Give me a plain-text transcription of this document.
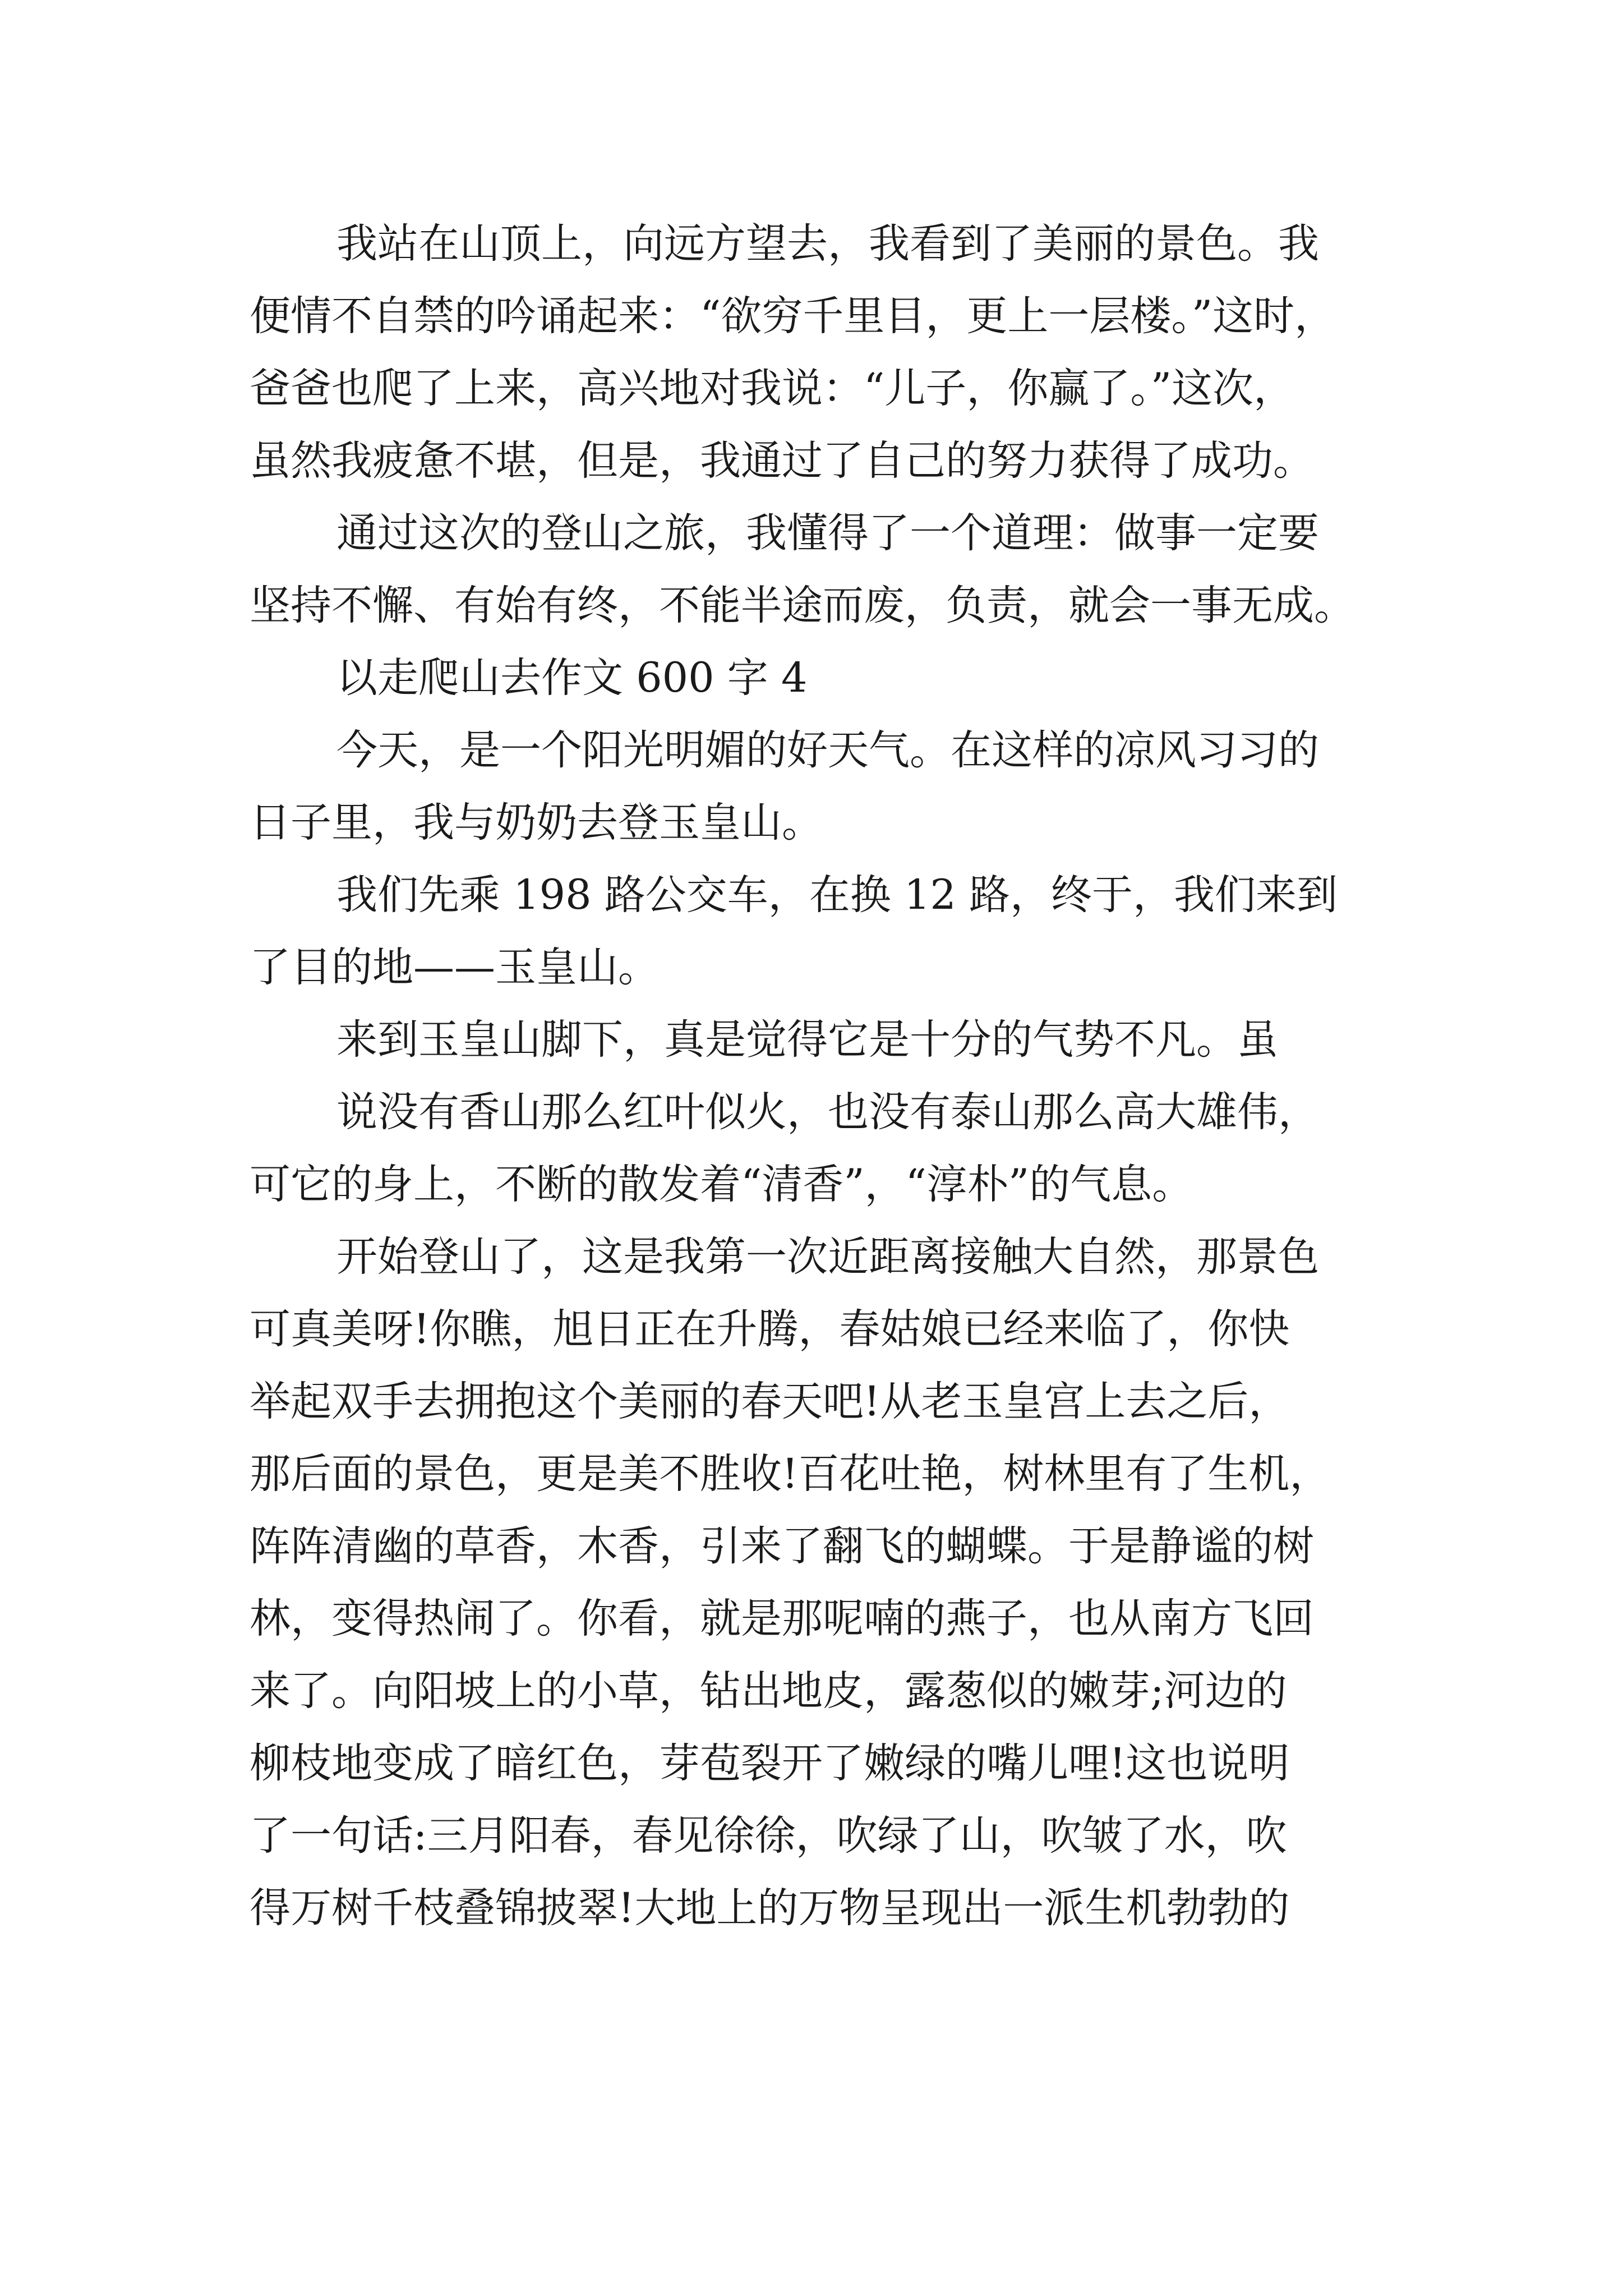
我站在山顶上，向远方望去，我看到了美丽的景色。我
便情不自禁的吟诵起来：“欲穷千里目，更上一层楼。”这时，
爸爸也爬了上来，高兴地对我说：“儿子，你赢了。”这次，
虽然我疲惫不堪，但是，我通过了自己的努力获得了成功。
通过这次的登山之旅，我懂得了一个道理：做事一定要
坚持不懈、有始有终，不能半途而废，负责，就会一事无成。
以走爬山去作文 600 字 4
今天，是一个阳光明媚的好天气。在这样的凉风习习的
日子里，我与奶奶去登玉皇山。
我们先乘 198 路公交车，在换 12 路，终于，我们来到
了目的地——玉皇山。
来到玉皇山脚下，真是觉得它是十分的气势不凡。虽
说没有香山那么红叶似火，也没有泰山那么高大雄伟，
可它的身上，不断的散发着“清香”，“淳朴”的气息。
开始登山了，这是我第一次近距离接触大自然，那景色
可真美呀!你瞧，旭日正在升腾，春姑娘已经来临了，你快
举起双手去拥抱这个美丽的春天吧!从老玉皇宫上去之后，
那后面的景色，更是美不胜收!百花吐艳，树林里有了生机，
阵阵清幽的草香，木香，引来了翻飞的蝴蝶。于是静谧的树
林，变得热闹了。你看，就是那呢喃的燕子，也从南方飞回
来了。向阳坡上的小草，钻出地皮，露葱似的嫩芽;河边的
柳枝地变成了暗红色，芽苞裂开了嫩绿的嘴儿哩!这也说明
了一句话:三月阳春，春见徐徐，吹绿了山，吹皱了水，吹
得万树千枝叠锦披翠!大地上的万物呈现出一派生机勃勃的
